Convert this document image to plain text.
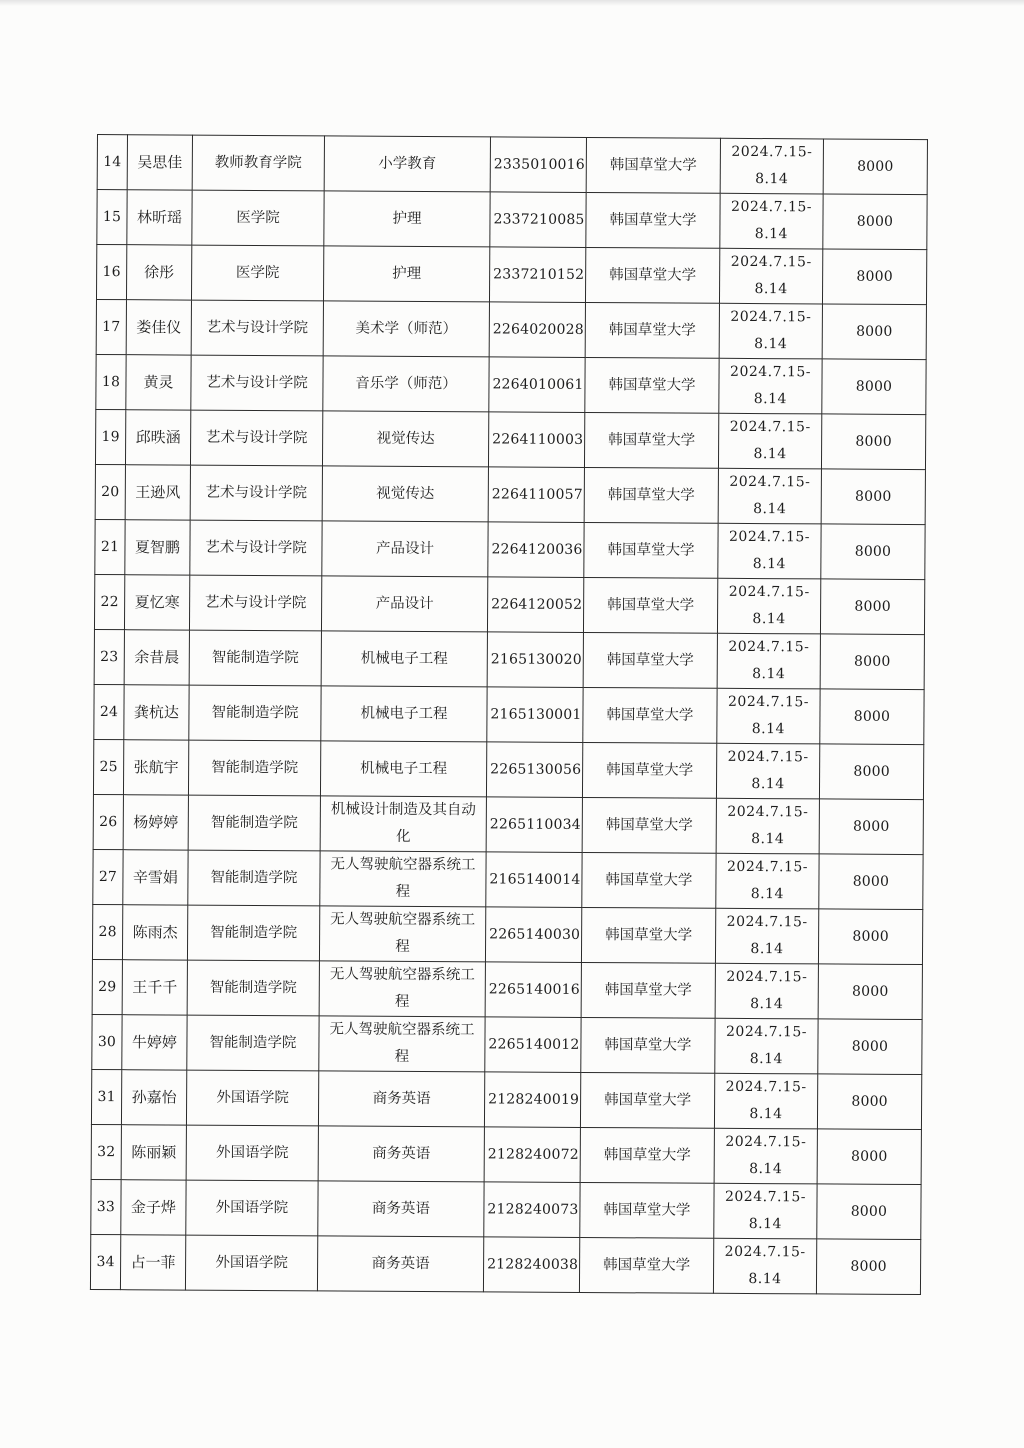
14	吴思佳	教师教育学院	小学教育	2335010016	韩国草堂大学	2024.7.15-8.14	8000
15	林昕瑶	医学院	护理	2337210085	韩国草堂大学	2024.7.15-8.14	8000
16	徐彤	医学院	护理	2337210152	韩国草堂大学	2024.7.15-8.14	8000
17	娄佳仪	艺术与设计学院	美术学（师范）	2264020028	韩国草堂大学	2024.7.15-8.14	8000
18	黄灵	艺术与设计学院	音乐学（师范）	2264010061	韩国草堂大学	2024.7.15-8.14	8000
19	邱昳涵	艺术与设计学院	视觉传达	2264110003	韩国草堂大学	2024.7.15-8.14	8000
20	王逊风	艺术与设计学院	视觉传达	2264110057	韩国草堂大学	2024.7.15-8.14	8000
21	夏智鹏	艺术与设计学院	产品设计	2264120036	韩国草堂大学	2024.7.15-8.14	8000
22	夏忆寒	艺术与设计学院	产品设计	2264120052	韩国草堂大学	2024.7.15-8.14	8000
23	余昔晨	智能制造学院	机械电子工程	2165130020	韩国草堂大学	2024.7.15-8.14	8000
24	龚杭达	智能制造学院	机械电子工程	2165130001	韩国草堂大学	2024.7.15-8.14	8000
25	张航宇	智能制造学院	机械电子工程	2265130056	韩国草堂大学	2024.7.15-8.14	8000
26	杨婷婷	智能制造学院	机械设计制造及其自动化	2265110034	韩国草堂大学	2024.7.15-8.14	8000
27	辛雪娟	智能制造学院	无人驾驶航空器系统工程	2165140014	韩国草堂大学	2024.7.15-8.14	8000
28	陈雨杰	智能制造学院	无人驾驶航空器系统工程	2265140030	韩国草堂大学	2024.7.15-8.14	8000
29	王千千	智能制造学院	无人驾驶航空器系统工程	2265140016	韩国草堂大学	2024.7.15-8.14	8000
30	牛婷婷	智能制造学院	无人驾驶航空器系统工程	2265140012	韩国草堂大学	2024.7.15-8.14	8000
31	孙嘉怡	外国语学院	商务英语	2128240019	韩国草堂大学	2024.7.15-8.14	8000
32	陈丽颖	外国语学院	商务英语	2128240072	韩国草堂大学	2024.7.15-8.14	8000
33	金子烨	外国语学院	商务英语	2128240073	韩国草堂大学	2024.7.15-8.14	8000
34	占一菲	外国语学院	商务英语	2128240038	韩国草堂大学	2024.7.15-8.14	8000
